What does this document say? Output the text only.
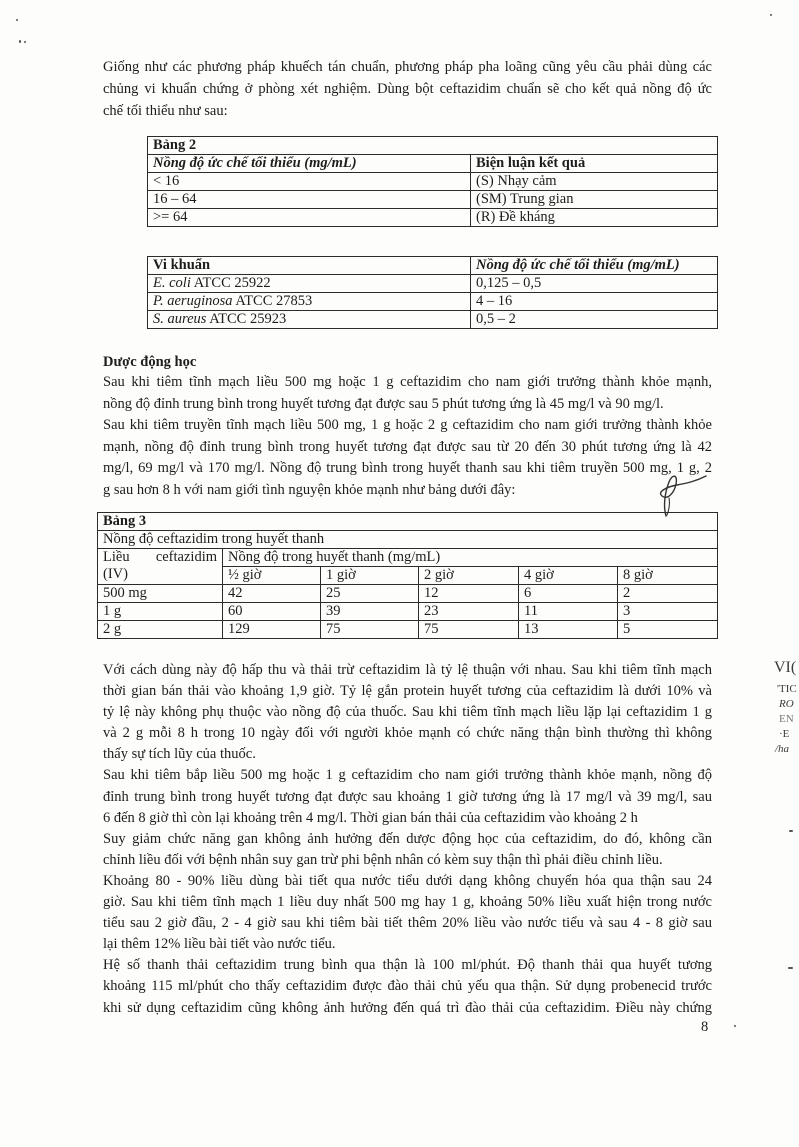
Giống như các phương pháp khuếch tán chuẩn, phương pháp pha loãng cũng yêu cầu phải dùng các
chủng vi khuẩn chứng ở phòng xét nghiệm. Dùng bột ceftazidim chuẩn sẽ cho kết quả nồng độ ức
chế tối thiểu như sau:
Bảng 2	
Nồng độ ức chế tối thiểu (mg/mL)	Biện luận kết quả
< 16	(S) Nhạy cảm
16 – 64	(SM) Trung gian
>= 64	(R) Đề kháng
Vi khuẩn	Nồng độ ức chế tối thiểu (mg/mL)
E. coli ATCC 25922	0,125 – 0,5
P. aeruginosa ATCC 27853	4 – 16
S. aureus ATCC 25923	0,5 – 2
Dược động học
Sau khi tiêm tĩnh mạch liều 500 mg hoặc 1 g ceftazidim cho nam giới trưởng thành khỏe mạnh,
nồng độ đỉnh trung bình trong huyết tương đạt được sau 5 phút tương ứng là 45 mg/l và 90 mg/l.
Sau khi tiêm truyền tĩnh mạch liều 500 mg, 1 g hoặc 2 g ceftazidim cho nam giới trưởng thành khỏe
mạnh, nồng độ đỉnh trung bình trong huyết tương đạt được sau từ 20 đến 30 phút tương ứng là 42
mg/l, 69 mg/l và 170 mg/l. Nồng độ trung bình trong huyết thanh sau khi tiêm truyền 500 mg, 1 g, 2
g sau hơn 8 h với nam giới tình nguyện khỏe mạnh như bảng dưới đây:
Bảng 3					
Nồng độ ceftazidim trong huyết thanh					

Liều ceftazidim
(IV)	Nồng độ trong huyết thanh (mg/mL)				
	½ giờ	1 giờ	2 giờ	4 giờ	8 giờ
500 mg	42	25	12	6	2
1 g	60	39	23	11	3
2 g	129	75	75	13	5
Với cách dùng này độ hấp thu và thải trừ ceftazidim là tỷ lệ thuận với nhau. Sau khi tiêm tĩnh mạch
thời gian bán thải vào khoảng 1,9 giờ. Tỷ lệ gắn protein huyết tương của ceftazidim là dưới 10% và
tỷ lệ này không phụ thuộc vào nồng độ của thuốc. Sau khi tiêm tĩnh mạch liều lặp lại ceftazidim 1 g
và 2 g mỗi 8 h trong 10 ngày đối với người khỏe mạnh có chức năng thận bình thường thì không
thấy sự tích lũy của thuốc.
Sau khi tiêm bắp liều 500 mg hoặc 1 g ceftazidim cho nam giới trưởng thành khỏe mạnh, nồng độ
đỉnh trung bình trong huyết tương đạt được sau khoảng 1 giờ tương ứng là 17 mg/l và 39 mg/l, sau
6 đến 8 giờ thì còn lại khoảng trên 4 mg/l. Thời gian bán thải của ceftazidim vào khoảng 2 h
Suy giảm chức năng gan không ảnh hưởng đến dược động học của ceftazidim, do đó, không cần
chỉnh liều đối với bệnh nhân suy gan trừ phi bệnh nhân có kèm suy thận thì phải điều chỉnh liều.
Khoảng 80 - 90% liều dùng bài tiết qua nước tiểu dưới dạng không chuyển hóa qua thận sau 24
giờ. Sau khi tiêm tĩnh mạch 1 liều duy nhất 500 mg hay 1 g, khoảng 50% liều xuất hiện trong nước
tiểu sau 2 giờ đầu, 2 - 4 giờ sau khi tiêm bài tiết thêm 20% liều vào nước tiểu và sau 4 - 8 giờ sau
lại thêm 12% liều bài tiết vào nước tiểu.
Hệ số thanh thải ceftazidim trung bình qua thận là 100 ml/phút. Độ thanh thải qua huyết tương
khoảng 115 ml/phút cho thấy ceftazidim được đào thải chủ yếu qua thận. Sử dụng probenecid trước
khi sử dụng ceftazidim cũng không ảnh hưởng đến quá trì đào thải của ceftazidim. Điều này chứng
8
VI(
'TIC
RO
EN
·E
/ha
